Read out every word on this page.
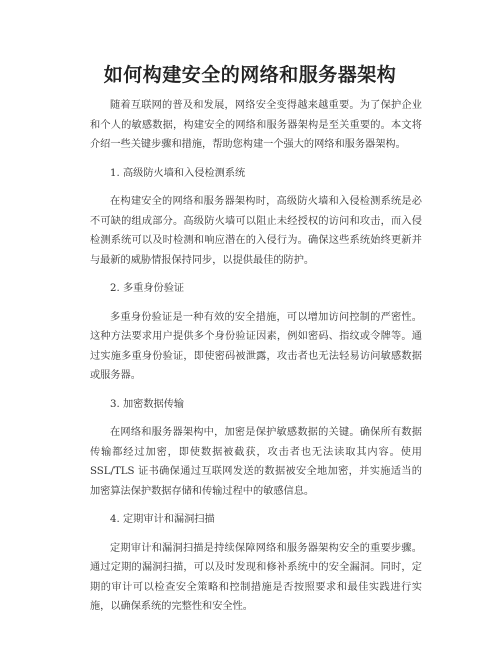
如何构建安全的网络和服务器架构

随着互联网的普及和发展，网络安全变得越来越重要。为了保护企业和个人的敏感数据，构建安全的网络和服务器架构是至关重要的。本文将介绍一些关键步骤和措施，帮助您构建一个强大的网络和服务器架构。

1. 高级防火墙和入侵检测系统

在构建安全的网络和服务器架构时，高级防火墙和入侵检测系统是必不可缺的组成部分。高级防火墙可以阻止未经授权的访问和攻击，而入侵检测系统可以及时检测和响应潜在的入侵行为。确保这些系统始终更新并与最新的威胁情报保持同步，以提供最佳的防护。

2. 多重身份验证

多重身份验证是一种有效的安全措施，可以增加访问控制的严密性。这种方法要求用户提供多个身份验证因素，例如密码、指纹或令牌等。通过实施多重身份验证，即使密码被泄露，攻击者也无法轻易访问敏感数据或服务器。

3. 加密数据传输

在网络和服务器架构中，加密是保护敏感数据的关键。确保所有数据传输都经过加密，即使数据被截获，攻击者也无法读取其内容。使用 SSL/TLS 证书确保通过互联网发送的数据被安全地加密，并实施适当的加密算法保护数据存储和传输过程中的敏感信息。

4. 定期审计和漏洞扫描

定期审计和漏洞扫描是持续保障网络和服务器架构安全的重要步骤。通过定期的漏洞扫描，可以及时发现和修补系统中的安全漏洞。同时，定期的审计可以检查安全策略和控制措施是否按照要求和最佳实践进行实施，以确保系统的完整性和安全性。
